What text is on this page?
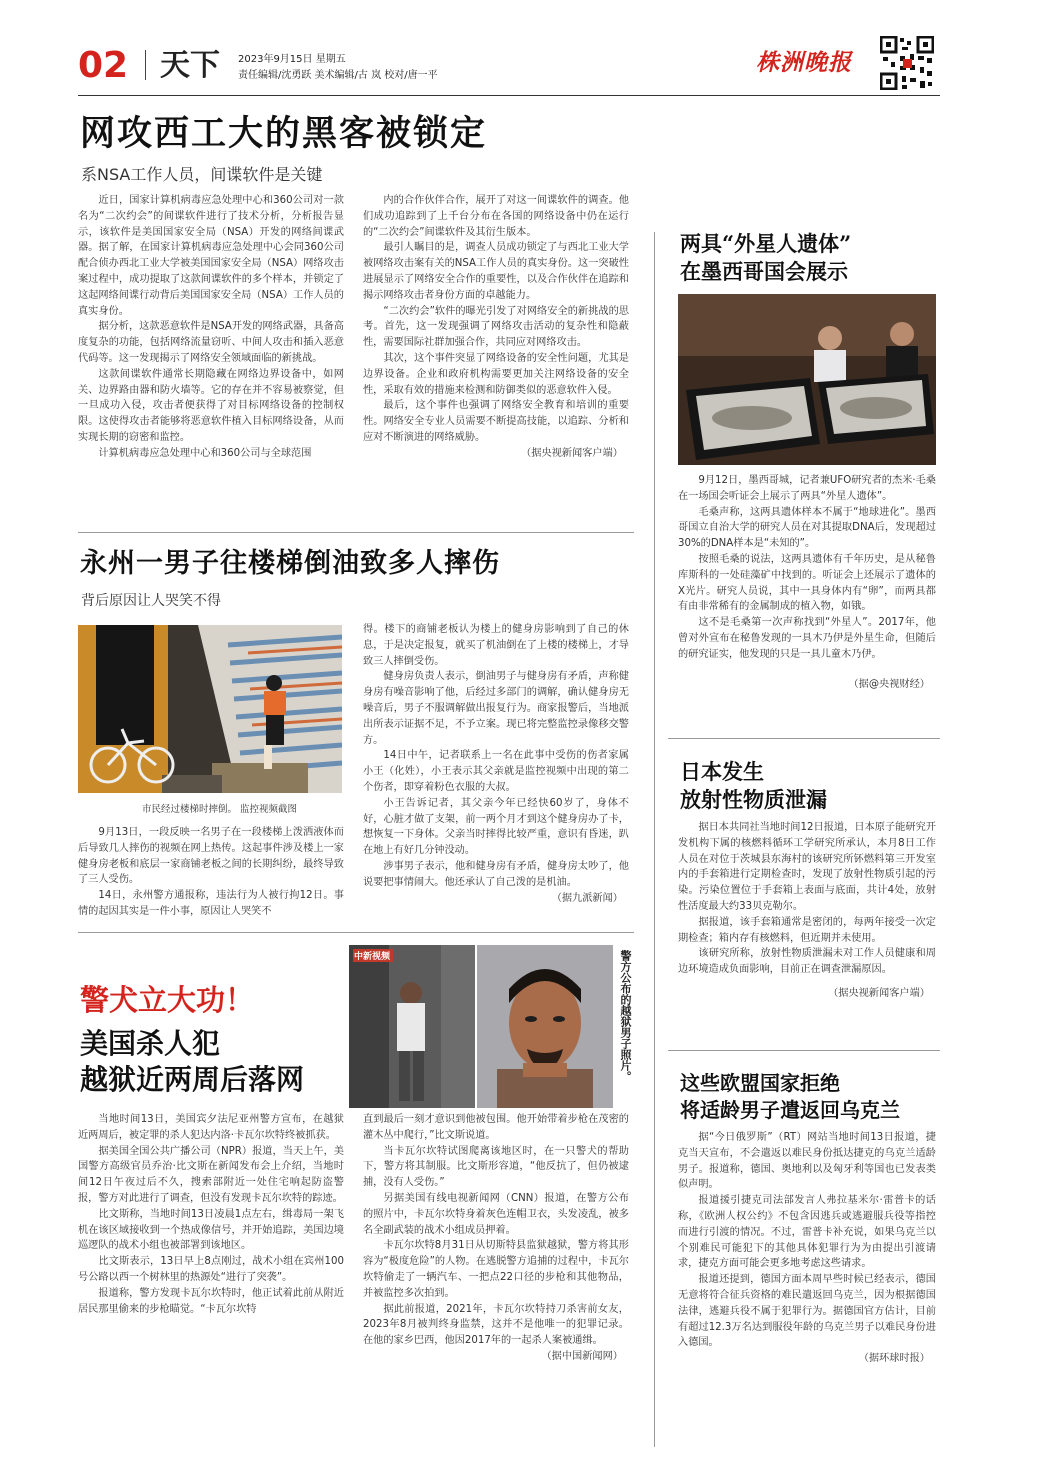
02 天下 2023年9月15日 星期五
责任编辑/沈勇跃 美术编辑/古 岚 校对/唐一平	株洲晚报
网攻西工大的黑客被锁定
系NSA工作人员，间谍软件是关键

近日，国家计算机病毒应急处理中心和360公司对一款名为“二次约会”的间谍软件进行了技术分析，分析报告显示，该软件是美国国家安全局（NSA）开发的网络间谍武器。据了解，在国家计算机病毒应急处理中心会同360公司配合侦办西北工业大学被美国国家安全局（NSA）网络攻击案过程中，成功提取了这款间谍软件的多个样本，并锁定了这起网络间谍行动背后美国国家安全局（NSA）工作人员的真实身份。

据分析，这款恶意软件是NSA开发的网络武器，具备高度复杂的功能，包括网络流量窃听、中间人攻击和插入恶意代码等。这一发现揭示了网络安全领域面临的新挑战。

这款间谍软件通常长期隐藏在网络边界设备中，如网关、边界路由器和防火墙等。它的存在并不容易被察觉，但一旦成功入侵，攻击者便获得了对目标网络设备的控制权限。这使得攻击者能够将恶意软件植入目标网络设备，从而实现长期的窃密和监控。

计算机病毒应急处理中心和360公司与全球范围

内的合作伙伴合作，展开了对这一间谍软件的调查。他们成功追踪到了上千台分布在各国的网络设备中仍在运行的“二次约会”间谍软件及其衍生版本。

最引人瞩目的是，调查人员成功锁定了与西北工业大学被网络攻击案有关的NSA工作人员的真实身份。这一突破性进展显示了网络安全合作的重要性，以及合作伙伴在追踪和揭示网络攻击者身份方面的卓越能力。

“二次约会”软件的曝光引发了对网络安全的新挑战的思考。首先，这一发现强调了网络攻击活动的复杂性和隐蔽性，需要国际社群加强合作，共同应对网络攻击。

其次，这个事件突显了网络设备的安全性问题，尤其是边界设备。企业和政府机构需要更加关注网络设备的安全性，采取有效的措施来检测和防御类似的恶意软件入侵。

最后，这个事件也强调了网络安全教育和培训的重要性。网络安全专业人员需要不断提高技能，以追踪、分析和应对不断演进的网络威胁。

（据央视新闻客户端）
永州一男子往楼梯倒油致多人摔伤
背后原因让人哭笑不得
市民经过楼梯时摔倒。 监控视频截图

9月13日，一段反映一名男子在一段楼梯上泼洒液体而后导致几人摔伤的视频在网上热传。这起事件涉及楼上一家健身房老板和底层一家商铺老板之间的长期纠纷，最终导致了三人受伤。

14日，永州警方通报称，违法行为人被行拘12日。事情的起因其实是一件小事，原因让人哭笑不

得。楼下的商铺老板认为楼上的健身房影响到了自己的休息，于是决定报复，就买了机油倒在了上楼的楼梯上，才导致三人摔倒受伤。

健身房负责人表示，倒油男子与健身房有矛盾，声称健身房有噪音影响了他，后经过多部门的调解，确认健身房无噪音后，男子不服调解做出报复行为。商家报警后，当地派出所表示证据不足，不予立案。现已将完整监控录像移交警方。

14日中午，记者联系上一名在此事中受伤的伤者家属小王（化姓），小王表示其父亲就是监控视频中出现的第二个伤者，即穿着粉色衣服的大叔。

小王告诉记者，其父亲今年已经快60岁了，身体不好，心脏才做了支架，前一两个月才到这个健身房办了卡，想恢复一下身体。父亲当时摔得比较严重，意识有昏迷，趴在地上有好几分钟没动。

涉事男子表示，他和健身房有矛盾，健身房太吵了，他说要把事情闹大。他还承认了自己泼的是机油。

（据九派新闻）
警犬立大功！
美国杀人犯
越狱近两周后落网
中新视频	警方公布的越狱男子照片。

当地时间13日，美国宾夕法尼亚州警方宣布，在越狱近两周后，被定罪的杀人犯达内洛·卡瓦尔坎特终被抓获。

据美国全国公共广播公司（NPR）报道，当天上午，美国警方高级官员乔治·比文斯在新闻发布会上介绍，当地时间12日午夜过后不久，搜索部附近一处住宅响起防盗警报，警方对此进行了调查，但没有发现卡瓦尔坎特的踪迹。

比文斯称，当地时间13日凌晨1点左右，缉毒局一架飞机在该区域接收到一个热成像信号，并开始追踪，美国边境巡逻队的战术小组也被部署到该地区。

比文斯表示，13日早上8点刚过，战术小组在宾州100号公路以西一个树林里的热源处“进行了突袭”。

报道称，警方发现卡瓦尔坎特时，他正试着此前从附近居民那里偷来的步枪瞄觉。“卡瓦尔坎特

直到最后一刻才意识到他被包围。他开始带着步枪在茂密的灌木丛中爬行，”比文斯说道。

当卡瓦尔坎特试图爬离该地区时，在一只警犬的帮助下，警方将其制服。比文斯形容道，“他反抗了，但仍被逮捕，没有人受伤。”

另据美国有线电视新闻网（CNN）报道，在警方公布的照片中，卡瓦尔坎特身着灰色连帽卫衣，头发凌乱，被多名全副武装的战术小组成员押着。

卡瓦尔坎特8月31日从切斯特县监狱越狱，警方将其形容为“极度危险”的人物。在逃脱警方追捕的过程中，卡瓦尔坎特偷走了一辆汽车、一把点22口径的步枪和其他物品，并被监控多次拍到。

据此前报道，2021年，卡瓦尔坎特持刀杀害前女友，2023年8月被判终身监禁，这并不是他唯一的犯罪记录。在他的家乡巴西，他因2017年的一起杀人案被通缉。

（据中国新闻网）
两具“外星人遗体”
在墨西哥国会展示

9月12日，墨西哥城，记者兼UFO研究者的杰米·毛桑在一场国会听证会上展示了两具“外星人遗体”。

毛桑声称，这两具遗体样本不属于“地球进化”。墨西哥国立自治大学的研究人员在对其提取DNA后，发现超过30%的DNA样本是“未知的”。

按照毛桑的说法，这两具遗体有千年历史，是从秘鲁库斯科的一处硅藻矿中找到的。听证会上还展示了遗体的X光片。研究人员说，其中一具身体内有“卵”，而两具都有由非常稀有的金属制成的植入物，如锇。

这不是毛桑第一次声称找到“外星人”。2017年，他曾对外宣布在秘鲁发现的一具木乃伊是外星生命，但随后的研究证实，他发现的只是一具儿童木乃伊。

（据@央视财经）
日本发生
放射性物质泄漏

据日本共同社当地时间12日报道，日本原子能研究开发机构下属的核燃料循环工学研究所承认，本月8日工作人员在对位于茨城县东海村的该研究所钚燃料第三开发室内的手套箱进行定期检查时，发现了放射性物质引起的污染。污染位置位于手套箱上表面与底面，共计4处，放射性活度最大约33贝克勒尔。

据报道，该手套箱通常是密闭的，每两年接受一次定期检查；箱内存有核燃料，但近期并未使用。

该研究所称，放射性物质泄漏未对工作人员健康和周边环境造成负面影响，目前正在调查泄漏原因。

（据央视新闻客户端）
这些欧盟国家拒绝
将适龄男子遣返回乌克兰

据“今日俄罗斯”（RT）网站当地时间13日报道，捷克当天宣布，不会遣返以难民身份抵达捷克的乌克兰适龄男子。报道称，德国、奥地利以及匈牙利等国也已发表类似声明。

报道援引捷克司法部发言人弗拉基米尔·雷普卡的话称，《欧洲人权公约》不包含因逃兵或逃避服兵役等指控而进行引渡的情况。不过，雷普卡补充说，如果乌克兰以个别难民可能犯下的其他具体犯罪行为为由提出引渡请求，捷克方面可能会更多地考虑这些请求。

报道还提到，德国方面本周早些时候已经表示，德国无意将符合征兵资格的难民遣返回乌克兰，因为根据德国法律，逃避兵役不属于犯罪行为。据德国官方估计，目前有超过12.3万名达到服役年龄的乌克兰男子以难民身份进入德国。

（据环球时报）
